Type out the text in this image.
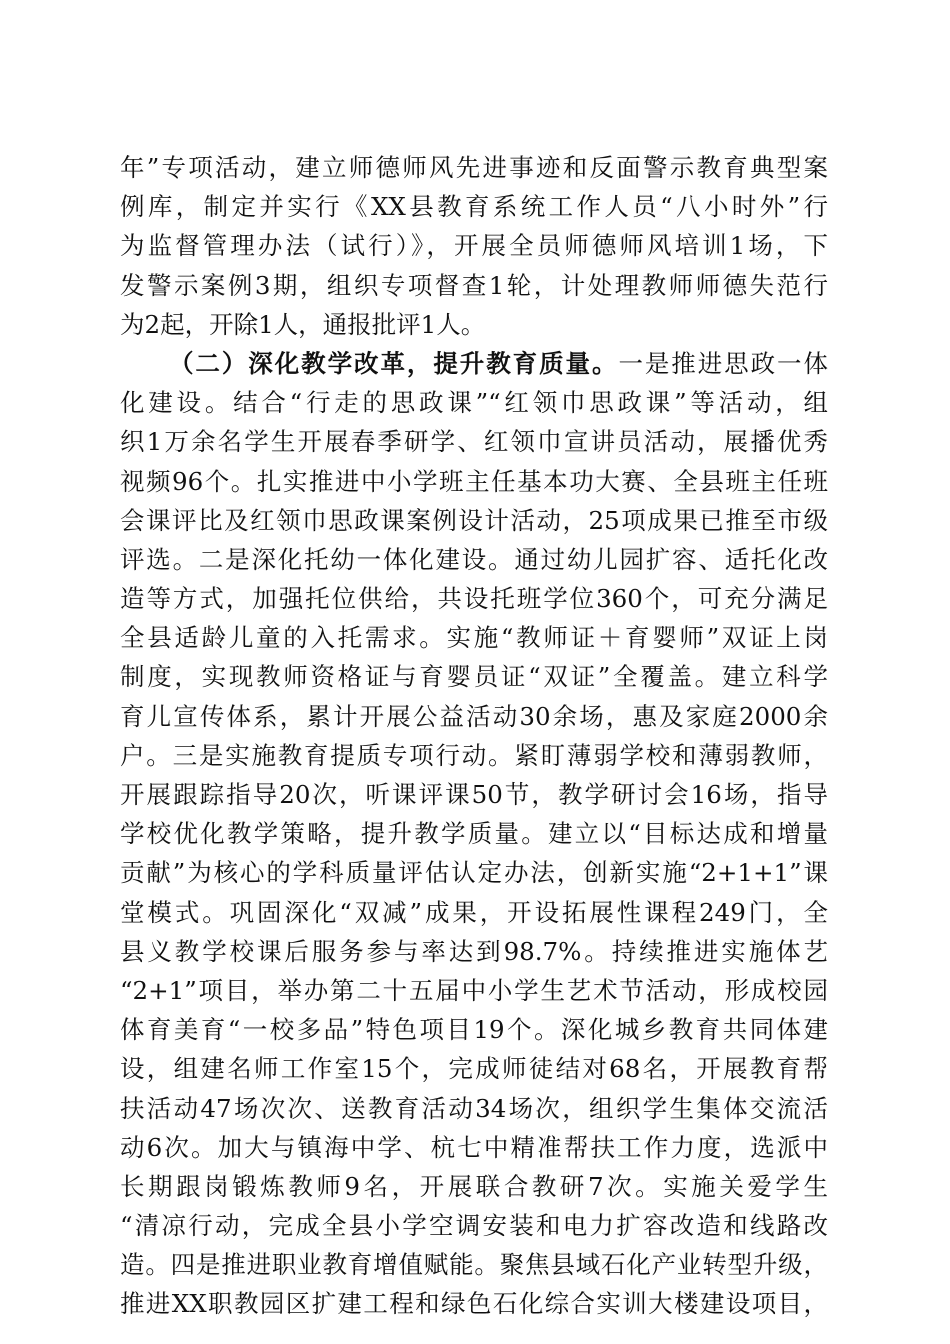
年”专项活动，建立师德师风先进事迹和反面警示教育典型案
例库，制定并实行《XX县教育系统工作人员“八小时外”行
为监督管理办法（试行）》，开展全员师德师风培训1场，下
发警示案例3期，组织专项督查1轮，计处理教师师德失范行
为2起，开除1人，通报批评1人。
（二）深化教学改革，提升教育质量。一是推进思政一体
化建设。结合“行走的思政课”“红领巾思政课”等活动，组
织1万余名学生开展春季研学、红领巾宣讲员活动，展播优秀
视频96个。扎实推进中小学班主任基本功大赛、全县班主任班
会课评比及红领巾思政课案例设计活动，25项成果已推至市级
评选。二是深化托幼一体化建设。通过幼儿园扩容、适托化改
造等方式，加强托位供给，共设托班学位360个，可充分满足
全县适龄儿童的入托需求。实施“教师证＋育婴师”双证上岗
制度，实现教师资格证与育婴员证“双证”全覆盖。建立科学
育儿宣传体系，累计开展公益活动30余场，惠及家庭2000余
户。三是实施教育提质专项行动。紧盯薄弱学校和薄弱教师，
开展跟踪指导20次，听课评课50节，教学研讨会16场，指导
学校优化教学策略，提升教学质量。建立以“目标达成和增量
贡献”为核心的学科质量评估认定办法，创新实施“2+1+1”课
堂模式。巩固深化“双减”成果，开设拓展性课程249门，全
县义教学校课后服务参与率达到98.7%。持续推进实施体艺
“2+1”项目，举办第二十五届中小学生艺术节活动，形成校园
体育美育“一校多品”特色项目19个。深化城乡教育共同体建
设，组建名师工作室15个，完成师徒结对68名，开展教育帮
扶活动47场次次、送教育活动34场次，组织学生集体交流活
动6次。加大与镇海中学、杭七中精准帮扶工作力度，选派中
长期跟岗锻炼教师9名，开展联合教研7次。实施关爱学生
“清凉行动，完成全县小学空调安装和电力扩容改造和线路改
造。四是推进职业教育增值赋能。聚焦县域石化产业转型升级，
推进XX职教园区扩建工程和绿色石化综合实训大楼建设项目，
